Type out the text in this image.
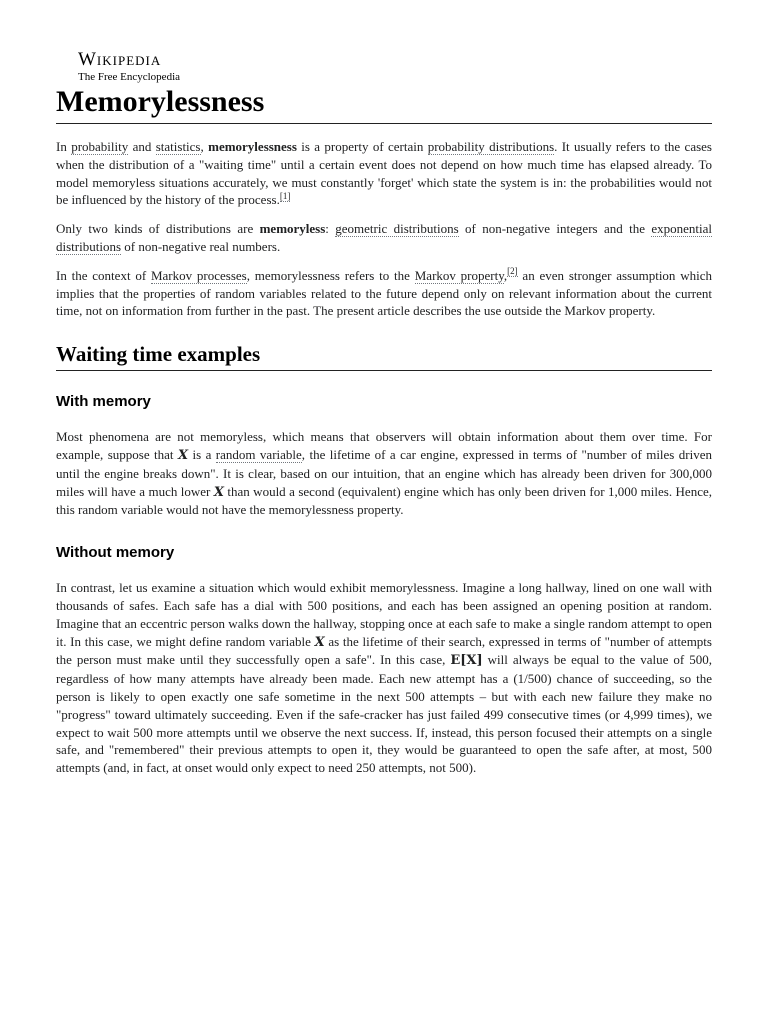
Wikipedia
The Free Encyclopedia
Memorylessness

In probability and statistics, memorylessness is a property of certain probability distributions. It usually refers to the cases when the distribution of a "waiting time" until a certain event does not depend on how much time has elapsed already. To model memoryless situations accurately, we must constantly 'forget' which state the system is in: the probabilities would not be influenced by the history of the process.[1]

Only two kinds of distributions are memoryless: geometric distributions of non-negative integers and the exponential distributions of non-negative real numbers.

In the context of Markov processes, memorylessness refers to the Markov property,[2] an even stronger assumption which implies that the properties of random variables related to the future depend only on relevant information about the current time, not on information from further in the past. The present article describes the use outside the Markov property.

Waiting time examples
With memory

Most phenomena are not memoryless, which means that observers will obtain information about them over time. For example, suppose that X is a random variable, the lifetime of a car engine, expressed in terms of "number of miles driven until the engine breaks down". It is clear, based on our intuition, that an engine which has already been driven for 300,000 miles will have a much lower X than would a second (equivalent) engine which has only been driven for 1,000 miles. Hence, this random variable would not have the memorylessness property.

Without memory

In contrast, let us examine a situation which would exhibit memorylessness. Imagine a long hallway, lined on one wall with thousands of safes. Each safe has a dial with 500 positions, and each has been assigned an opening position at random. Imagine that an eccentric person walks down the hallway, stopping once at each safe to make a single random attempt to open it. In this case, we might define random variable X as the lifetime of their search, expressed in terms of "number of attempts the person must make until they successfully open a safe". In this case, E[X] will always be equal to the value of 500, regardless of how many attempts have already been made. Each new attempt has a (1/500) chance of succeeding, so the person is likely to open exactly one safe sometime in the next 500 attempts – but with each new failure they make no "progress" toward ultimately succeeding. Even if the safe-cracker has just failed 499 consecutive times (or 4,999 times), we expect to wait 500 more attempts until we observe the next success. If, instead, this person focused their attempts on a single safe, and "remembered" their previous attempts to open it, they would be guaranteed to open the safe after, at most, 500 attempts (and, in fact, at onset would only expect to need 250 attempts, not 500).
